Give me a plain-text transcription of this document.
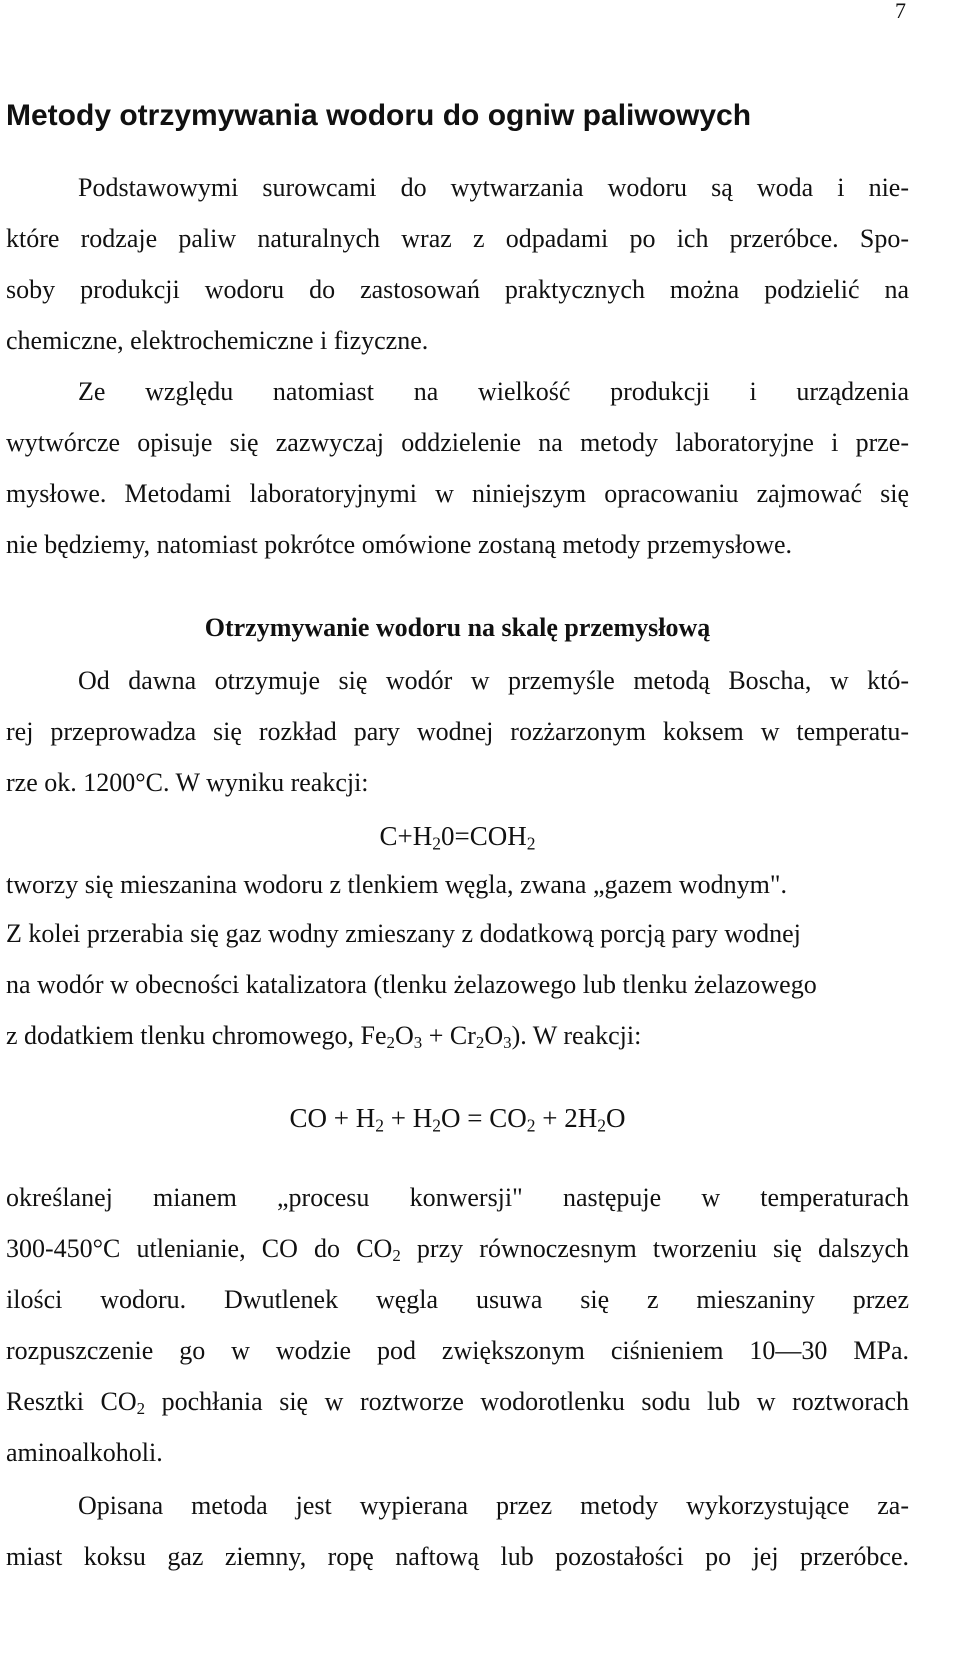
7
Metody otrzymywania wodoru do ogniw paliwowych
Podstawowymi surowcami do wytwarzania wodoru są woda i nie-
które rodzaje paliw naturalnych wraz z odpadami po ich przeróbce. Spo-
soby produkcji wodoru do zastosowań praktycznych można podzielić na
chemiczne, elektrochemiczne i fizyczne.
Ze względu natomiast na wielkość produkcji i urządzenia
wytwórcze opisuje się zazwyczaj oddzielenie na metody laboratoryjne i prze-
mysłowe. Metodami laboratoryjnymi w niniejszym opracowaniu zajmować się
nie będziemy, natomiast pokrótce omówione zostaną metody przemysłowe.
Otrzymywanie wodoru na skalę przemysłową
Od dawna otrzymuje się wodór w przemyśle metodą Boscha, w któ-
rej przeprowadza się rozkład pary wodnej rozżarzonym koksem w temperatu-
rze ok. 1200°C. W wyniku reakcji:
$C+H_20=COH_2$
tworzy się mieszanina wodoru z tlenkiem węgla, zwana „gazem wodnym".
Z kolei przerabia się gaz wodny zmieszany z dodatkową porcją pary wodnej
na wodór w obecności katalizatora (tlenku żelazowego lub tlenku żelazowego
z dodatkiem tlenku chromowego, $Fe_2O_3 + Cr_2O_3$). W reakcji:
CO + $H_2 + H_2O = CO_2 + 2H_2O$
określanej mianem „procesu konwersji" następuje w temperaturach
300-450°C utlenianie, CO do $CO_2$ przy równoczesnym tworzeniu się dalszych
ilości wodoru. Dwutlenek węgla usuwa się z mieszaniny przez
rozpuszczenie go w wodzie pod zwiększonym ciśnieniem 10—30 MPa.
Resztki $CO_2$ pochłania się w roztworze wodorotlenku sodu lub w roztworach
aminoalkoholi.
Opisana metoda jest wypierana przez metody wykorzystujące za-
miast koksu gaz ziemny, ropę naftową lub pozostałości po jej przeróbce.
